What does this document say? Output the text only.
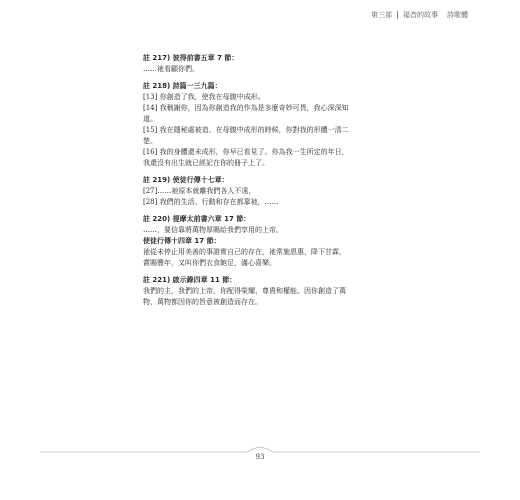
第三部 福音的故事 詩歌體
註 217) 彼得前書五章 7 節：
……祂看顧你們。
註 218) 詩篇一三九篇：
[13] 你創造了我，使我在母腹中成形。
[14] 我稱謝你，因為你創造我的作為是多麼奇妙可畏，我心深深知
道。
[15] 我在隱秘處被造、在母腹中成形的時候，你對我的形體一清二
楚。
[16] 我的身體還未成形，你早已看見了。你為我一生所定的年日，
我還沒有出生就已經記在你的冊子上了。
註 219) 使徒行傳十七章：
[27]……祂原本就離我們各人不遠，
[28] 我們的生活、行動和存在都靠祂，……
註 220) 提摩太前書六章 17 節：
……，要信靠將萬物厚賜給我們享用的上帝。
使徒行傳十四章 17 節：
祂從未停止用美善的事證實自己的存在，祂常施恩惠，降下甘霖，
賞賜豐年，又叫你們衣食飽足，滿心喜樂。
註 221) 啟示錄四章 11 節：
我們的主，我們的上帝，你配得榮耀、尊貴和權能。因你創造了萬
物，萬物都因你的旨意被創造而存在。
93
